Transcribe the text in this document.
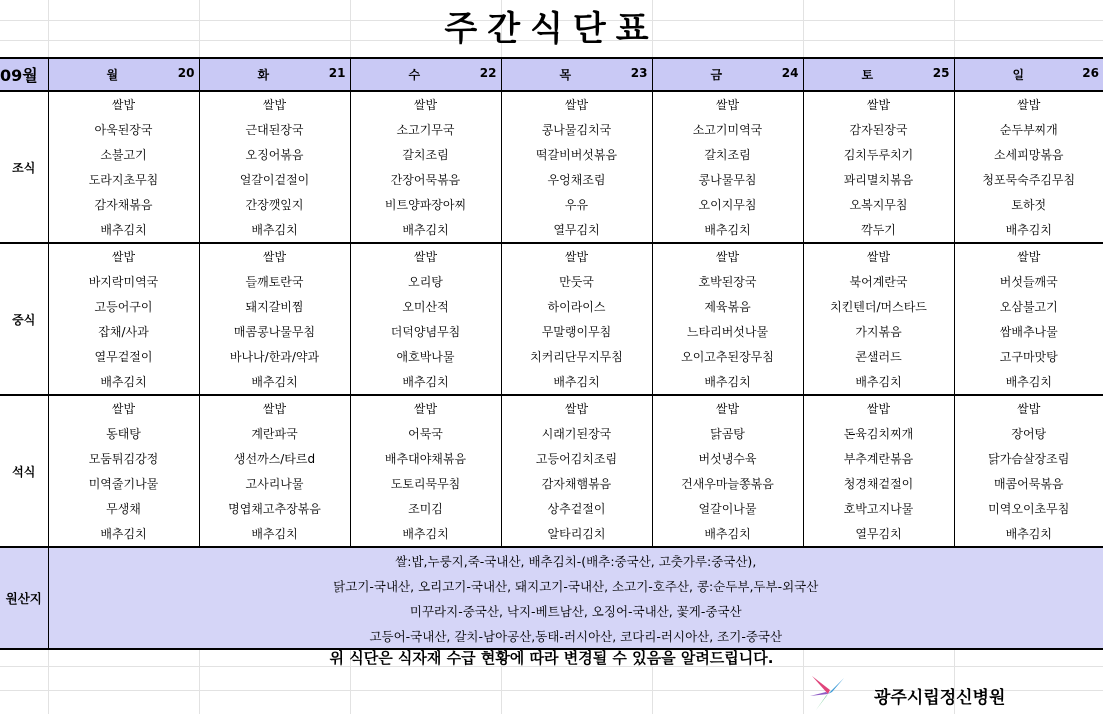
주간식단표
09월	월 20	화 21	수 22	목 23	금 24	토 25	일 26

조식	쌀밥	쌀밥	쌀밥	쌀밥	쌀밥	쌀밥	쌀밥
	아욱된장국	근대된장국	소고기무국	콩나물김치국	소고기미역국	감자된장국	순두부찌개
	소불고기	오징어볶음	갈치조림	떡갈비버섯볶음	갈치조림	김치두루치기	소세피망볶음
	도라지초무침	얼갈이겉절이	간장어묵볶음	우엉채조림	콩나물무침	꽈리멸치볶음	청포묵숙주김무침
	감자채볶음	간장깻잎지	비트양파장아찌	우유	오이지무침	오복지무침	토하젓
	배추김치	배추김치	배추김치	열무김치	배추김치	깍두기	배추김치
중식	쌀밥	쌀밥	쌀밥	쌀밥	쌀밥	쌀밥	쌀밥
	바지락미역국	들깨토란국	오리탕	만둣국	호박된장국	북어계란국	버섯들깨국
	고등어구이	돼지갈비찜	오미산적	하이라이스	제육볶음	치킨텐더/머스타드	오삼불고기
	잡채/사과	매콤콩나물무침	더덕양념무침	무말랭이무침	느타리버섯나물	가지볶음	쌈배추나물
	열무겉절이	바나나/한과/약과	애호박나물	치커리단무지무침	오이고추된장무침	콘샐러드	고구마맛탕
	배추김치	배추김치	배추김치	배추김치	배추김치	배추김치	배추김치
석식	쌀밥	쌀밥	쌀밥	쌀밥	쌀밥	쌀밥	쌀밥
	동태탕	계란파국	어묵국	시래기된장국	닭곰탕	돈육김치찌개	장어탕
	모둠튀김강정	생선까스/타르d	배추대야채볶음	고등어김치조림	버섯냉수육	부추계란볶음	닭가슴살장조림
	미역줄기나물	고사리나물	도토리묵무침	감자채햄볶음	건새우마늘쫑볶음	청경채겉절이	매콤어묵볶음
	무생채	명엽채고추장볶음	조미김	상추겉절이	얼갈이나물	호박고지나물	미역오이초무침
	배추김치	배추김치	배추김치	알타리김치	배추김치	열무김치	배추김치
원산지	쌀:밥,누룽지,죽-국내산, 배추김치-(배추:중국산, 고춧가루:중국산),						
	닭고기-국내산, 오리고기-국내산, 돼지고기-국내산, 소고기-호주산, 콩:순두부,두부-외국산						
	미꾸라지-중국산, 낙지-베트남산, 오징어-국내산, 꽃게-중국산						
	고등어-국내산, 갈치-남아공산,동태-러시아산, 코다리-러시아산, 조기-중국산						
위 식단은 식자재 수급 현황에 따라 변경될 수 있음을 알려드립니다.
광주시립정신병원
